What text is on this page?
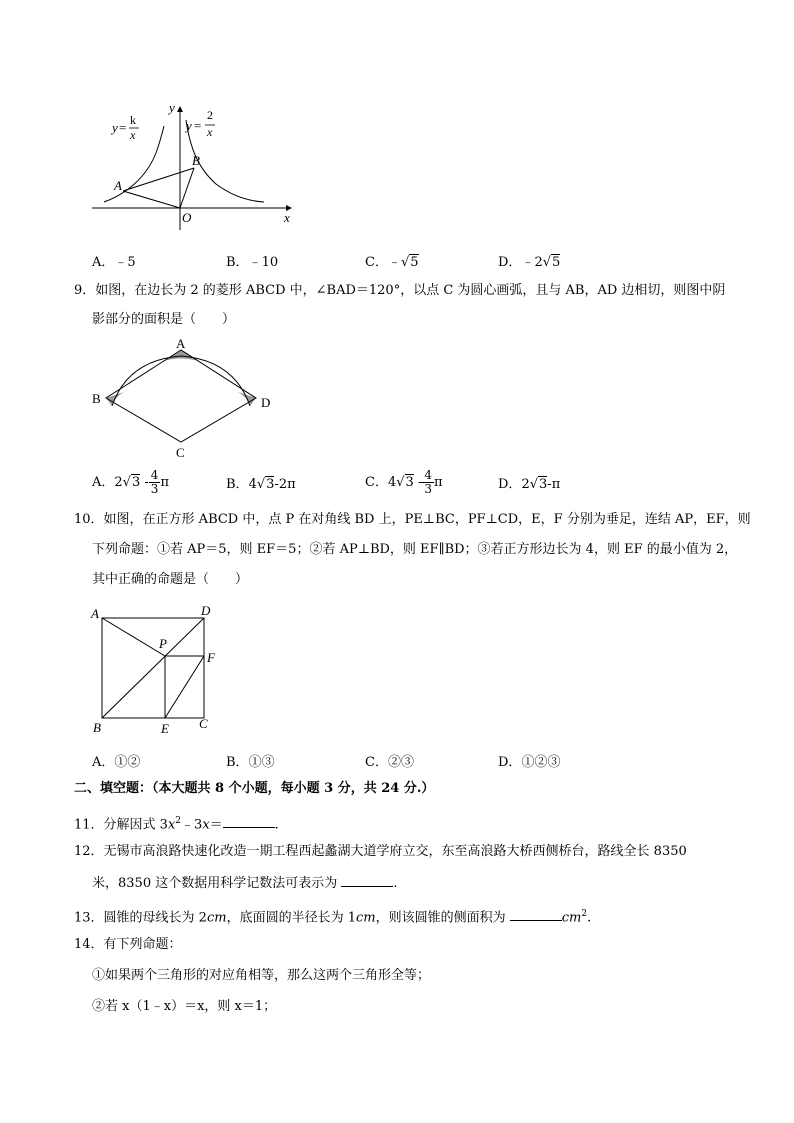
A
B
O	x
y
y = k
x
y =
2
x
A．﹣5	B．﹣10	C．﹣√5	D．﹣2√5
9．如图，在边长为 2 的菱形 ABCD 中，∠BAD＝120°，以点 C 为圆心画弧，且与 AB，AD 边相切，则图中阴
影部分的面积是（　　）
A
B	D
C
A．$2√3 - \frac{4}{3}$ π	B．4√3-2π	C．$4√3 - \frac{4}{3}$ π	D．2√3-π
10．如图，在正方形 ABCD 中，点 P 在对角线 BD 上，PE⊥BC，PF⊥CD，E，F 分别为垂足，连结 AP，EF，则
下列命题：①若 AP＝5，则 EF＝5；②若 AP⊥BD，则 EF∥BD；③若正方形边长为 4，则 EF 的最小值为 2，
其中正确的命题是（　　）
A	D
P
F
B	E C
A．①②	B．①③	C．②③	D．①②③
二、填空题：（本大题共 8 个小题，每小题 3 分，共 24 分.）
11．分解因式 $3x^2﹣3x=$	.
12．无锡市高浪路快速化改造一期工程西起蠡湖大道学府立交，东至高浪路大桥西侧桥台，路线全长 8350
米，8350 这个数据用科学记数法可表示为	.
13．圆锥的母线长为 2cm，底面圆的半径长为 1cm，则该圆锥的侧面积为	$cm^2$.
14．有下列命题：
①如果两个三角形的对应角相等，那么这两个三角形全等；
②若 x（1﹣x）＝x，则 x＝1；
